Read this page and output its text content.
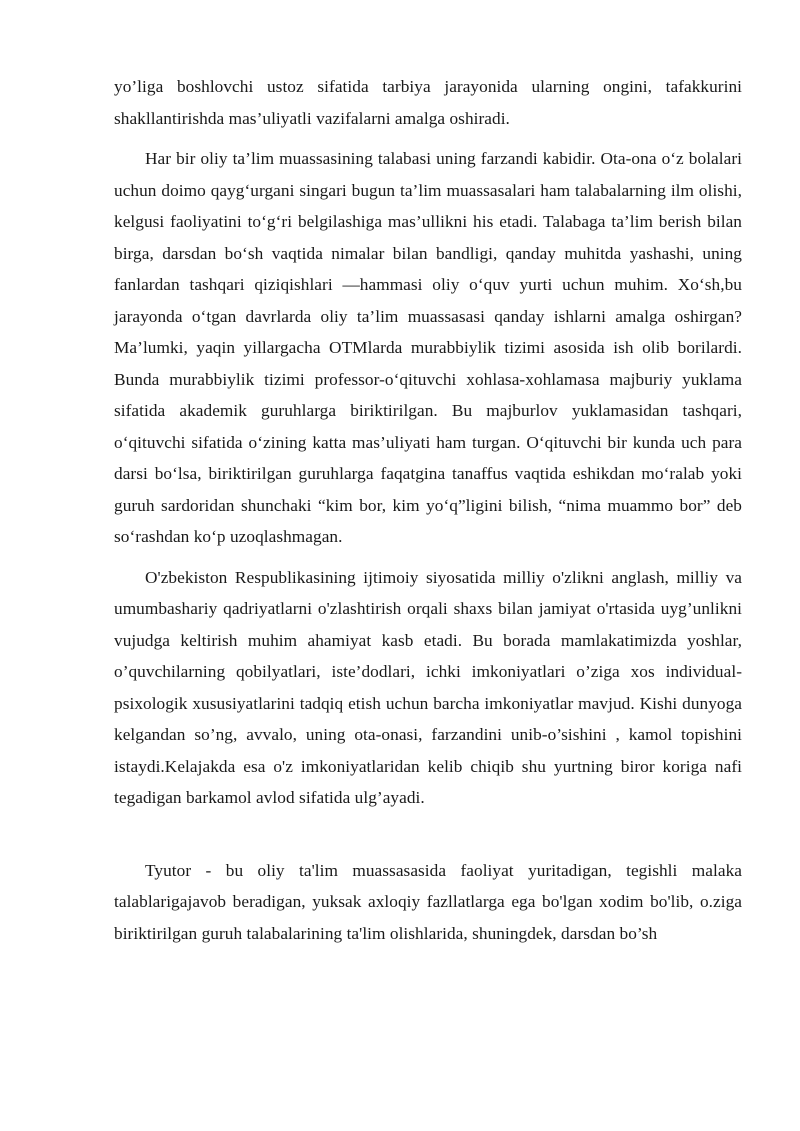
yo’liga boshlovchi ustoz sifatida tarbiya jarayonida ularning ongini, tafakkurini shakllantirishda mas’uliyatli vazifalarni amalga oshiradi.

Har bir oliy ta’lim muassasining talabasi uning farzandi kabidir. Ota-ona o‘z bolalari uchun doimo qayg‘urgani singari bugun ta’lim muassasalari ham talabalarning ilm olishi, kelgusi faoliyatini to‘g‘ri belgilashiga mas’ullikni his etadi. Talabaga ta’lim berish bilan birga, darsdan bo‘sh vaqtida nimalar bilan bandligi, qanday muhitda yashashi, uning fanlardan tashqari qiziqishlari —hammasi oliy o‘quv yurti uchun muhim. Xo‘sh,bu jarayonda o‘tgan davrlarda oliy ta’lim muassasasi qanday ishlarni amalga oshirgan? Ma’lumki, yaqin yillargacha OTMlarda murabbiylik tizimi asosida ish olib borilardi. Bunda murabbiylik tizimi professor-o‘qituvchi xohlasa-xohlamasa majburiy yuklama sifatida akademik guruhlarga biriktirilgan. Bu majburlov yuklamasidan tashqari, o‘qituvchi sifatida o‘zining katta mas’uliyati ham turgan. O‘qituvchi bir kunda uch para darsi bo‘lsa, biriktirilgan guruhlarga faqatgina tanaffus vaqtida eshikdan mo‘ralab yoki guruh sardoridan shunchaki “kim bor, kim yo‘q”ligini bilish, “nima muammo bor” deb so‘rashdan ko‘p uzoqlashmagan.

O'zbekiston Respublikasining ijtimoiy siyosatida milliy o'zlikni anglash, milliy va umumbashariy qadriyatlarni o'zlashtirish orqali shaxs bilan jamiyat o'rtasida uyg’unlikni vujudga keltirish muhim ahamiyat kasb etadi. Bu borada mamlakatimizda yoshlar, o’quvchilarning qobilyatlari, iste’dodlari, ichki imkoniyatlari o’ziga xos individual-psixologik xususiyatlarini tadqiq etish uchun barcha imkoniyatlar mavjud. Kishi dunyoga kelgandan so’ng, avvalo, uning ota-onasi, farzandini unib-o’sishini , kamol topishini istaydi.Kelajakda esa o'z imkoniyatlaridan kelib chiqib shu yurtning biror koriga nafi tegadigan barkamol avlod sifatida ulg’ayadi.

Tyutor - bu oliy ta'lim muassasasida faoliyat yuritadigan, tegishli malaka talablarigajavob beradigan, yuksak axloqiy fazllatlarga ega bo'lgan xodim bo'lib, o.ziga biriktirilgan guruh talabalarining ta'lim olishlarida, shuningdek, darsdan bo’sh
